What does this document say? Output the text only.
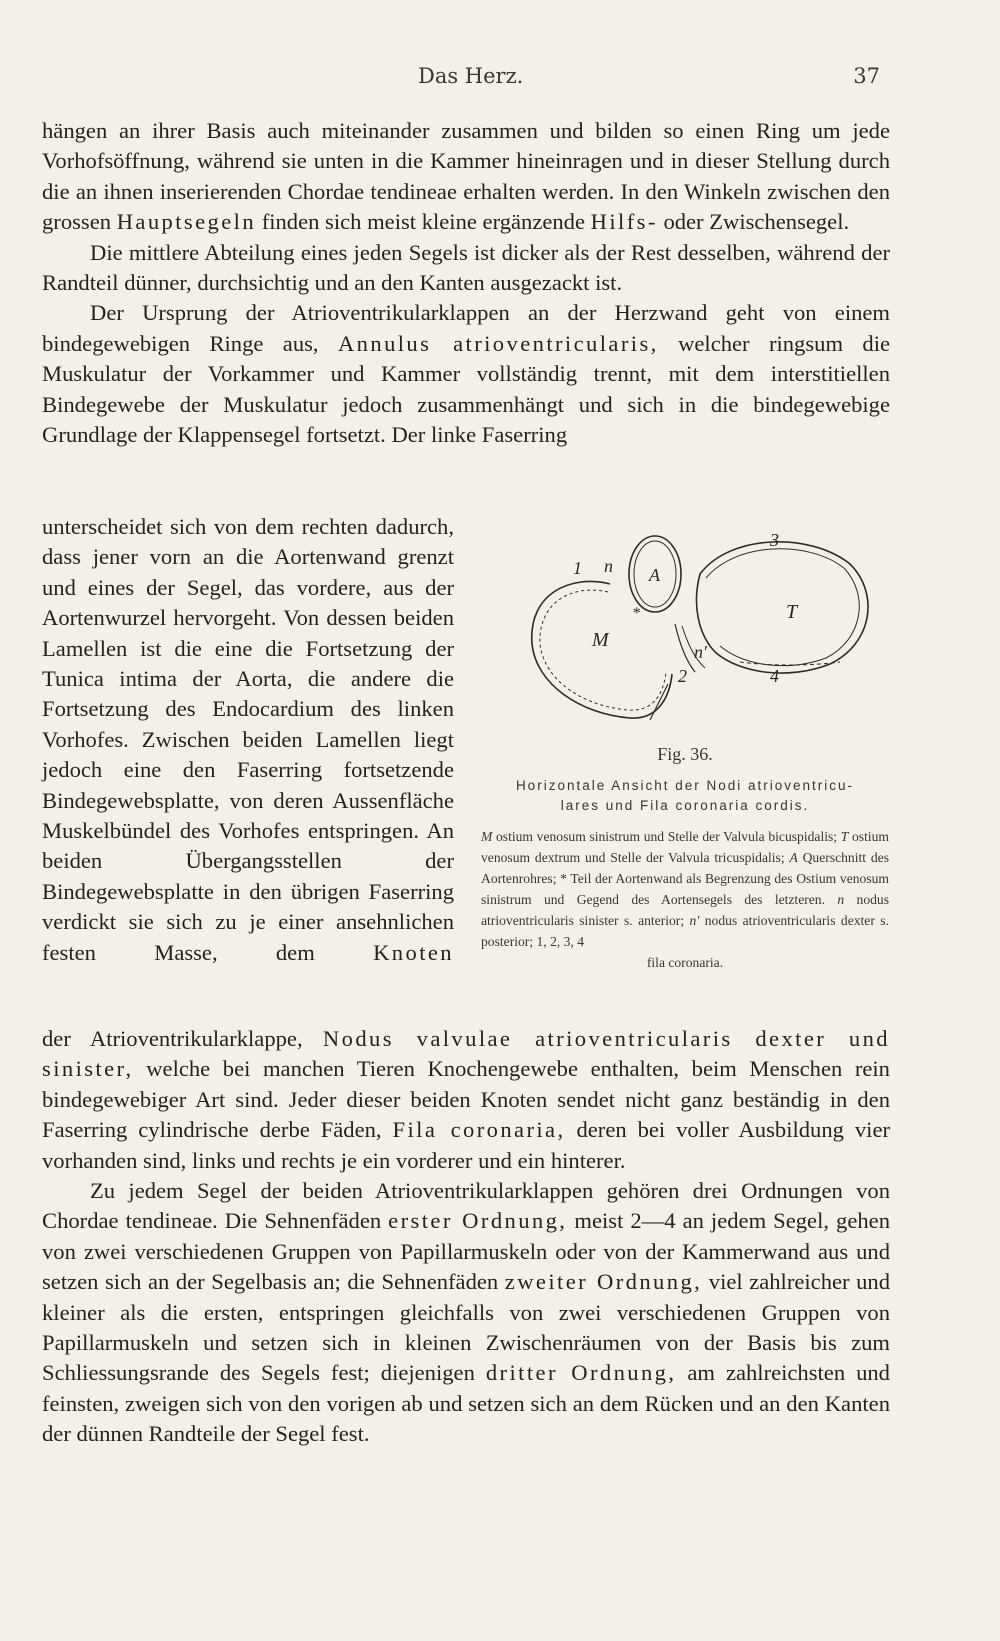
Das Herz.	37

hängen an ihrer Basis auch miteinander zusammen und bilden so einen Ring um jede Vorhofsöffnung, während sie unten in die Kammer hineinragen und in dieser Stellung durch die an ihnen inserierenden Chordae tendineae erhalten werden. In den Winkeln zwischen den grossen Hauptsegeln finden sich meist kleine ergänzende Hilfs- oder Zwischensegel.

Die mittlere Abteilung eines jeden Segels ist dicker als der Rest desselben, während der Randteil dünner, durchsichtig und an den Kanten ausgezackt ist.

Der Ursprung der Atrioventrikularklappen an der Herzwand geht von einem bindegewebigen Ringe aus, Annulus atrioventricularis, welcher ringsum die Muskulatur der Vorkammer und Kammer vollständig trennt, mit dem interstitiellen Bindegewebe der Muskulatur jedoch zusammenhängt und sich in die bindegewebige Grundlage der Klappensegel fortsetzt. Der linke Faserring

unterscheidet sich von dem rechten dadurch, dass jener vorn an die Aortenwand grenzt und eines der Segel, das vordere, aus der Aortenwurzel hervorgeht. Von dessen beiden Lamellen ist die eine die Fortsetzung der Tunica intima der Aorta, die andere die Fortsetzung des Endocardium des linken Vorhofes. Zwischen beiden Lamellen liegt jedoch eine den Faserring fortsetzende Bindegewebsplatte, von deren Aussenfläche Muskelbündel des Vorhofes entspringen. An beiden Übergangsstellen der Bindegewebsplatte in den übrigen Faserring verdickt sie sich zu je einer ansehnlichen festen Masse, dem	Knoten

der Atrioventrikularklappe, Nodus valvulae atrioventricularis dexter und sinister, welche bei manchen Tieren Knochengewebe enthalten, beim Menschen rein bindegewebiger Art sind. Jeder dieser beiden Knoten sendet nicht ganz beständig in den Faserring cylindrische derbe Fäden, Fila coronaria, deren bei voller Ausbildung vier vorhanden sind, links und rechts je ein vorderer und ein hinterer.

Zu jedem Segel der beiden Atrioventrikularklappen gehören drei Ordnungen von Chordae tendineae. Die Sehnenfäden erster Ordnung, meist 2—4 an jedem Segel, gehen von zwei verschiedenen Gruppen von Papillarmuskeln oder von der Kammerwand aus und setzen sich an der Segelbasis an; die Sehnenfäden zweiter Ordnung, viel zahlreicher und kleiner als die ersten, entspringen gleichfalls von zwei verschiedenen Gruppen von Papillarmuskeln und setzen sich in kleinen Zwischenräumen von der Basis bis zum Schliessungsrande des Segels fest; diejenigen dritter Ordnung, am zahlreichsten und feinsten, zweigen sich von den vorigen ab und setzen sich an dem Rücken und an den Kanten der dünnen Randteile der Segel fest.

1 n A
3
T
*
M
n′
2	4
Fig. 36.
Horizontale Ansicht der Nodi atrioventricu-
lares und Fila coronaria cordis.
M ostium venosum sinistrum und Stelle der Valvula bicuspidalis; T ostium venosum dextrum und Stelle der Valvula tricuspidalis; A Querschnitt des Aortenrohres; * Teil der Aortenwand als Begrenzung des Ostium venosum sinistrum und Gegend des Aortensegels des letzteren. n nodus atrioventricularis sinister s. anterior; n′ nodus atrioventricularis dexter s. posterior; 1, 2, 3, 4
fila coronaria.
